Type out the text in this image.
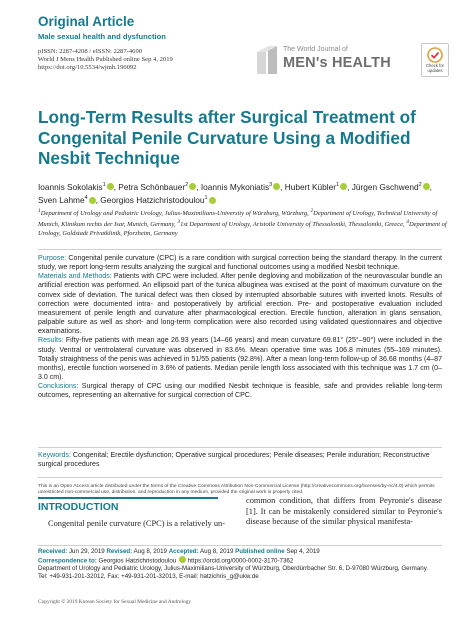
Original Article
Male sexual health and dysfunction
pISSN: 2287-4208 / eISSN: 2287-4690
World J Mens Health Published online Sep 4, 2019
https://doi.org/10.5534/wjmh.190092
The World Journal of
MEN's HEALTH	Check for
updates
Long-Term Results after Surgical Treatment of Congenital Penile Curvature Using a Modified Nesbit Technique
Ioannis Sokolakis$^1$ , Petra Schönbauer$^2$ , Ioannis Mykoniatis$^3$ , Hubert Kübler$^1$ , Jürgen Gschwend$^2$ , Sven Lahme$^4$ , Georgios Hatzichristodoulou$^1$
$^1$Department of Urology and Pediatric Urology, Julius-Maximilians-University of Würzburg, Würzburg, $^2$Department of Urology, Technical University of Munich, Klinikum rechts der Isar, Munich, Germany, $^3$1st Department of Urology, Aristotle University of Thessaloniki, Thessaloniki, Greece, $^4$Department of Urology, Goldstadt Privatklinik, Pforzheim, Germany
Purpose: Congenital penile curvature (CPC) is a rare condition with surgical correction being the standard therapy. In the current study, we report long-term results analyzing the surgical and functional outcomes using a modified Nesbit technique.
Materials and Methods: Patients with CPC were included. After penile degloving and mobilization of the neurovascular bundle an artificial erection was performed. An ellipsoid part of the tunica albuginea was excised at the point of maximum curvature on the convex side of deviation. The tunical defect was then closed by interrupted absorbable sutures with inverted knots. Results of correction were documented intra- and postoperatively by artificial erection. Pre- and postoperative evaluation included measurement of penile length and curvature after pharmacological erection. Erectile function, alteration in glans sensation, palpable suture as well as short- and long-term complication were also recorded using validated questionnaires and objective examinations.
Results: Fifty-five patients with mean age 26.93 years (14–66 years) and mean curvature 69.81° (25°–90°) were included in the study. Ventral or ventrolateral curvature was observed in 83.6%. Mean operative time was 106.8 minutes (55–169 minutes). Totally straightness of the penis was achieved in 51/55 patients (92.8%). After a mean long-term follow-up of 36.68 months (4–87 months), erectile function worsened in 3.6% of patients. Median penile length loss associated with this technique was 1.7 cm (0–3.0 cm).
Conclusions: Surgical therapy of CPC using our modified Nesbit technique is feasible, safe and provides reliable long-term outcomes, representing an alternative for surgical correction of CPC.
Keywords: Congenital; Erectile dysfunction; Operative surgical procedures; Penile diseases; Penile induration; Reconstructive surgical procedures
This is an Open Access article distributed under the terms of the Creative Commons Attribution Non-Commercial License (http://creativecommons.org/licenses/by-nc/4.0) which permits unrestricted non-commercial use, distribution, and reproduction in any medium, provided the original work is properly cited.
INTRODUCTION
Congenital penile curvature (CPC) is a relatively un-
common condition, that differs from Peyronie's disease [1]. It can be mistakenly considered similar to Peyronie's disease because of the similar physical manifesta-
Received: Jun 29, 2019 Revised: Aug 8, 2019 Accepted: Aug 8, 2019 Published online Sep 4, 2019
Correspondence to: Georgios Hatzichristodoulou  https://orcid.org/0000-0002-3170-7362
Department of Urology and Pediatric Urology, Julius-Maximilians-University of Würzburg, Oberdürrbacher Str. 6, D-97080 Würzburg, Germany.
Tel: +49-931-201-32012, Fax: +49-931-201-32013, E-mail: hatzichris_g@ukw.de
Copyright © 2019 Korean Society for Sexual Medicine and Andrology
